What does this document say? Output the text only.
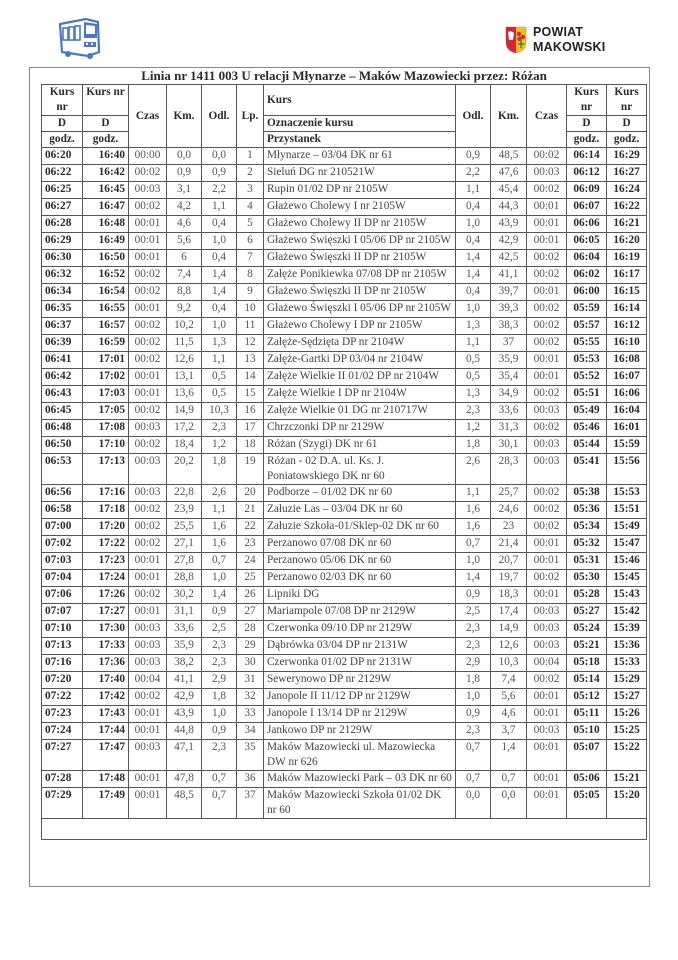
POWIAT
MAKOWSKI
Linia nr 1411 003 U relacji Młynarze – Maków Mazowiecki przez: Różan											
Kurs nr	Kurs nr	Czas	Km.	Odl.	Lp.	Kurs	Odl.	Km.	Czas	Kurs nr	Kurs nr
D	D					Oznaczenie kursu				D	D
godz.	godz.					Przystanek				godz.	godz.
06:20	16:40	00:00	0,0	0,0	1	Młynarze – 03/04 DK nr 61	0,9	48,5	00:02	06:14	16:29
06:22	16:42	00:02	0,9	0,9	2	Sieluń DG nr 210521W	2,2	47,6	00:03	06:12	16:27
06:25	16:45	00:03	3,1	2,2	3	Rupin 01/02 DP nr 2105W	1,1	45,4	00:02	06:09	16:24
06:27	16:47	00:02	4,2	1,1	4	Głażewo Cholewy I nr 2105W	0,4	44,3	00:01	06:07	16:22
06:28	16:48	00:01	4,6	0,4	5	Głażewo Cholewy II DP nr 2105W	1,0	43,9	00:01	06:06	16:21
06:29	16:49	00:01	5,6	1,0	6	Głażewo Święszki I 05/06 DP nr 2105W	0,4	42,9	00:01	06:05	16:20
06:30	16:50	00:01	6	0,4	7	Głażewo Święszki II DP nr 2105W	1,4	42,5	00:02	06:04	16:19
06:32	16:52	00:02	7,4	1,4	8	Załęże Ponikiewka 07/08 DP nr 2105W	1,4	41,1	00:02	06:02	16:17
06:34	16:54	00:02	8,8	1,4	9	Głażewo Święszki II DP nr 2105W	0,4	39,7	00:01	06:00	16:15
06:35	16:55	00:01	9,2	0,4	10	Głażewo Święszki I 05/06 DP nr 2105W	1,0	39,3	00:02	05:59	16:14
06:37	16:57	00:02	10,2	1,0	11	Głażewo Cholewy I DP nr 2105W	1,3	38,3	00:02	05:57	16:12
06:39	16:59	00:02	11,5	1,3	12	Załęże-Sędzięta DP nr 2104W	1,1	37	00:02	05:55	16:10
06:41	17:01	00:02	12,6	1,1	13	Załęże-Gartki DP 03/04 nr 2104W	0,5	35,9	00:01	05:53	16:08
06:42	17:02	00:01	13,1	0,5	14	Załęże Wielkie II 01/02 DP nr 2104W	0,5	35,4	00:01	05:52	16:07
06:43	17:03	00:01	13,6	0,5	15	Załęże Wielkie I DP nr 2104W	1,3	34,9	00:02	05:51	16:06
06:45	17:05	00:02	14,9	10,3	16	Załęże Wielkie 01 DG nr 210717W	2,3	33,6	00:03	05:49	16:04
06:48	17:08	00:03	17,2	2,3	17	Chrzczonki DP nr 2129W	1,2	31,3	00:02	05:46	16:01
06:50	17:10	00:02	18,4	1,2	18	Różan (Szygi) DK nr 61	1,8	30,1	00:03	05:44	15:59
06:53	17:13	00:03	20,2	1,8	19	Różan - 02 D.A. ul. Ks. J. Poniatowskiego DK nr 60	2,6	28,3	00:03	05:41	15:56
06:56	17:16	00:03	22,8	2,6	20	Podborze – 01/02 DK nr 60	1,1	25,7	00:02	05:38	15:53
06:58	17:18	00:02	23,9	1,1	21	Załuzie Las – 03/04 DK nr 60	1,6	24,6	00:02	05:36	15:51
07:00	17:20	00:02	25,5	1,6	22	Załuzie Szkoła-01/Sklep-02 DK nr 60	1,6	23	00:02	05:34	15:49
07:02	17:22	00:02	27,1	1,6	23	Perzanowo 07/08 DK nr 60	0,7	21,4	00:01	05:32	15:47
07:03	17:23	00:01	27,8	0,7	24	Perzanowo 05/06 DK nr 60	1,0	20,7	00:01	05:31	15:46
07:04	17:24	00:01	28,8	1,0	25	Perzanowo 02/03 DK nr 60	1,4	19,7	00:02	05:30	15:45
07:06	17:26	00:02	30,2	1,4	26	Lipniki DG	0,9	18,3	00:01	05:28	15:43
07:07	17:27	00:01	31,1	0,9	27	Mariampole 07/08 DP nr 2129W	2,5	17,4	00:03	05:27	15:42
07:10	17:30	00:03	33,6	2,5	28	Czerwonka 09/10 DP nr 2129W	2,3	14,9	00:03	05:24	15:39
07:13	17:33	00:03	35,9	2,3	29	Dąbrówka 03/04 DP nr 2131W	2,3	12,6	00:03	05:21	15:36
07:16	17:36	00:03	38,2	2,3	30	Czerwonka 01/02 DP nr 2131W	2,9	10,3	00:04	05:18	15:33
07:20	17:40	00:04	41,1	2,9	31	Sewerynowo DP nr 2129W	1,8	7,4	00:02	05:14	15:29
07:22	17:42	00:02	42,9	1,8	32	Janopole II 11/12 DP nr 2129W	1,0	5,6	00:01	05:12	15:27
07:23	17:43	00:01	43,9	1,0	33	Janopole I 13/14 DP nr 2129W	0,9	4,6	00:01	05:11	15:26
07:24	17:44	00:01	44,8	0,9	34	Jankowo DP nr 2129W	2,3	3,7	00:03	05:10	15:25
07:27	17:47	00:03	47,1	2,3	35	Maków Mazowiecki ul. Mazowiecka DW nr 626	0,7	1,4	00:01	05:07	15:22
07:28	17:48	00:01	47,8	0,7	36	Maków Mazowiecki Park – 03 DK nr 60	0,7	0,7	00:01	05:06	15:21
07:29	17:49	00:01	48,5	0,7	37	Maków Mazowiecki Szkoła 01/02 DK nr 60	0,0	0,0	00:01	05:05	15:20
